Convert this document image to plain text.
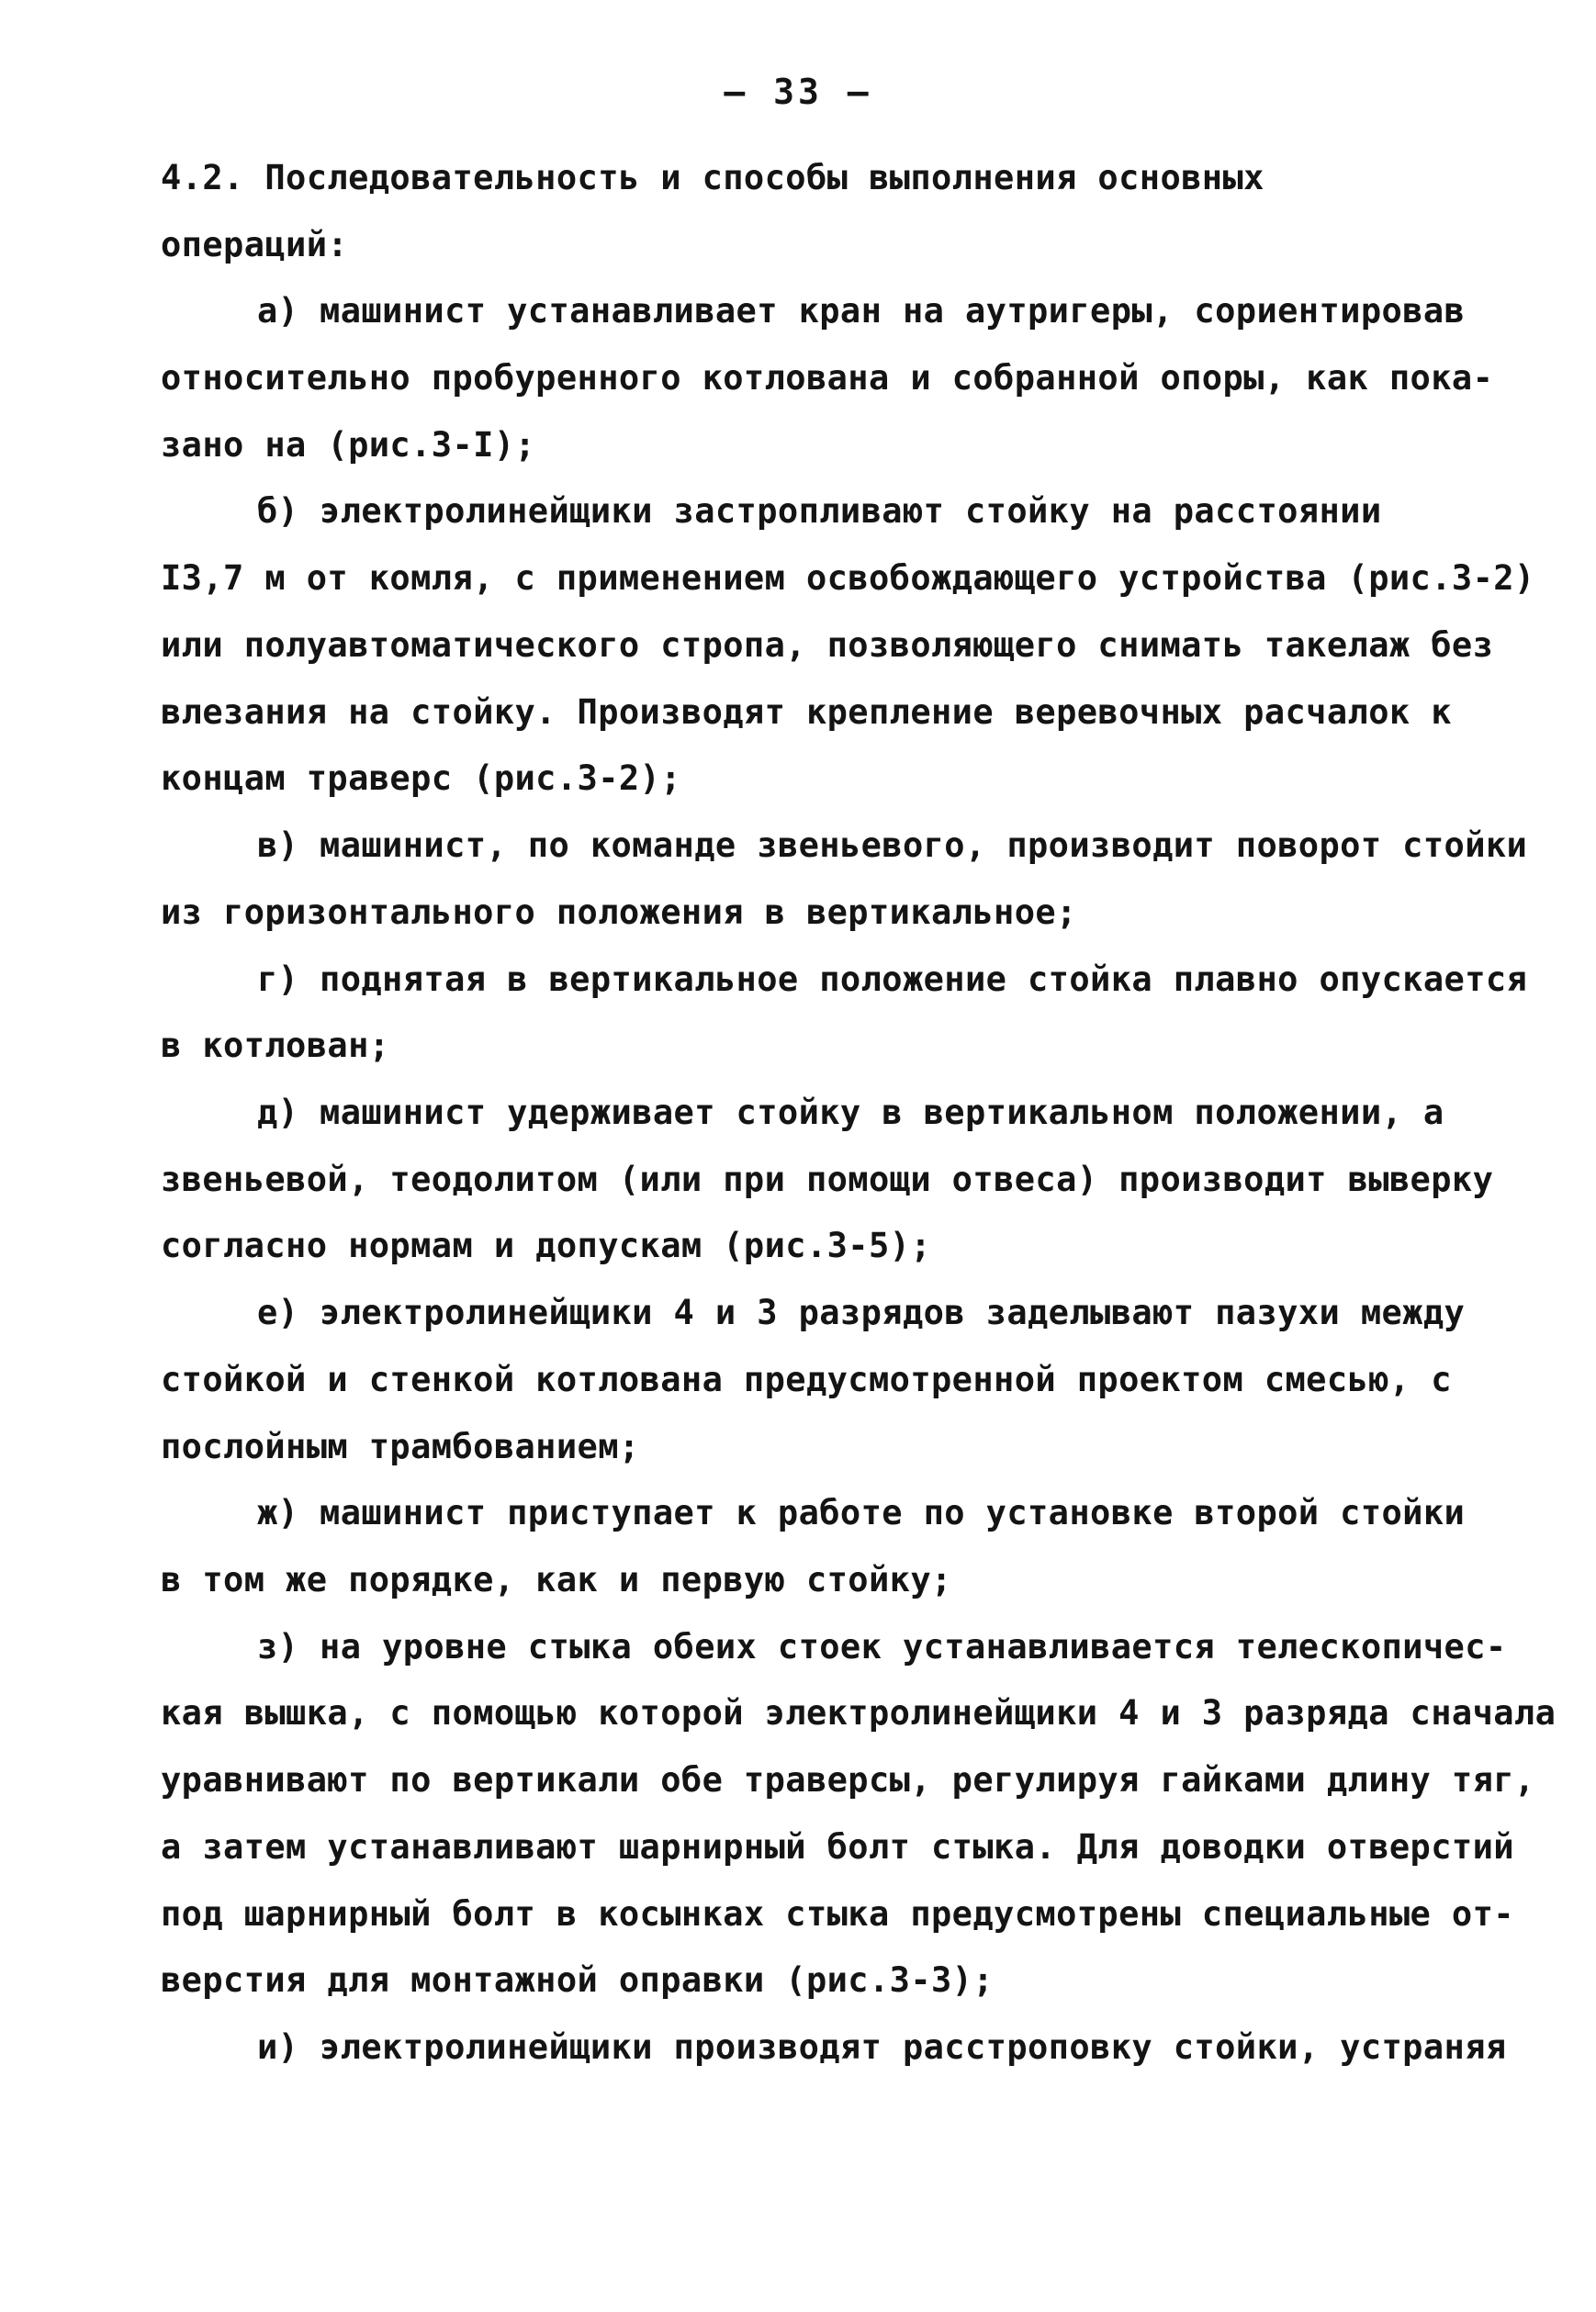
– 33 –
4.2. Последовательность и способы выполнения основных
операций:
а) машинист устанавливает кран на аутригеры, сориентировав
относительно пробуренного котлована и собранной опоры, как пока-
зано на (рис.3-I);
б) электролинейщики застропливают стойку на расстоянии
I3,7 м от комля, с применением освобождающего устройства (рис.3-2)
или полуавтоматического стропа, позволяющего снимать такелаж без
влезания на стойку. Производят крепление веревочных расчалок к
концам траверс (рис.3-2);
в) машинист, по команде звеньевого, производит поворот стойки
из горизонтального положения в вертикальное;
г) поднятая в вертикальное положение стойка плавно опускается
в котлован;
д) машинист удерживает стойку в вертикальном положении, а
звеньевой, теодолитом (или при помощи отвеса) производит выверку
согласно нормам и допускам (рис.3-5);
е) электролинейщики 4 и 3 разрядов заделывают пазухи между
стойкой и стенкой котлована предусмотренной проектом смесью, с
послойным трамбованием;
ж) машинист приступает к работе по установке второй стойки
в том же порядке, как и первую стойку;
з) на уровне стыка обеих стоек устанавливается телескопичес-
кая вышка, с помощью которой электролинейщики 4 и 3 разряда сначала
уравнивают по вертикали обе траверсы, регулируя гайками длину тяг,
а затем устанавливают шарнирный болт стыка. Для доводки отверстий
под шарнирный болт в косынках стыка предусмотрены специальные от-
верстия для монтажной оправки (рис.3-3);
и) электролинейщики производят расстроповку стойки, устраняя
